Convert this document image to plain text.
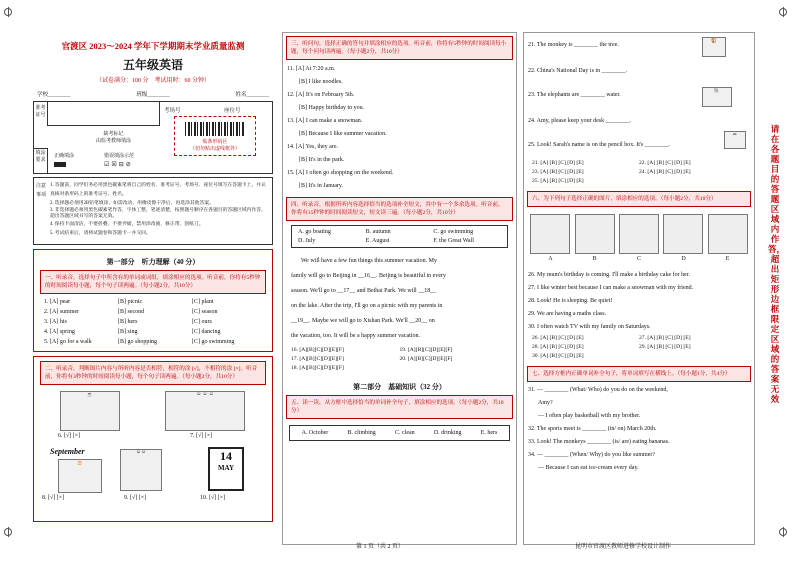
官渡区 2023～2024 学年下学期期末学业质量监测
五年级英语
（试卷满分：100 分　考试用时：60 分钟）
学校________	班级________	姓名________
准考证号
考场号	座位号
缺考标记
由监考教师填涂
填涂要求
正确填涂	错误填涂示范
☑☒⊟⊘
贴条形码区
（切勿贴出虚线框外）
注意事项
1. 答题前，同学们务必用黑色碳素笔将自己的姓名、准考证号、考场号、座位号填写在答题卡上，并认真核对条形码上的准考证号、姓名。
2. 选择题必须用2B铅笔填涂，如需改动，用橡皮擦干净后，再选涂其他答案。
3. 非选择题必须用黑色碳素笔作答，字体工整，笔迹清楚，按照题号顺序在各题目的答题区域内作答，超出答题区域书写的答案无效。
4. 保持卡面清洁，不要折叠、不要弄破，禁用涂改液、修正带、刮纸刀。
5. 考试结束后，请将试题卷和答题卡一并交回。
第一部分　听力理解（40 分）
一、听录音，选择句子中所含有的单词或词组，填涂相应的选项。听音前，你将有5秒钟的时间阅读每小题，每个句子读两遍。（每小题2分，共10分）
1. [A] pear	[B] picnic	[C] plant
2. [A] summer	[B] second	[C] season
3. [A] his	[B] hers	[C] ours
4. [A] spring	[B] sing	[C] dancing
5. [A] go for a walk	[B] go shopping	[C] go swimming
二、听录音，判断图片内容与所听内容是否相符，相符的涂 [√]，不相符的涂 [×]。听音前，你将有3秒钟的时间阅读每小题，每个句子读两遍。（每小题2分，共10分）
☕	☺ ☺ ☺
6. [√] [×]	7. [√] [×]
September
🎂
☺☺	14
MAY
8. [√] [×]	9. [√] [×]	10. [√] [×]
三、听问句，选择正确的答句并填涂相应的选项。听音前，你将有5秒钟的时间阅读每小题，每个问句读两遍。（每小题2分，共10分）
11. [A] At 7:20 a.m.
[B] I like noodles.
12. [A] It's on February 5th.
[B] Happy birthday to you.
13. [A] I can make a snowman.
[B] Because I like summer vacation.
14. [A] Yes, they are.
[B] It's in the park.
15. [A] I often go shopping on the weekend.
[B] It's in January.
四、听录音，根据所听内容选择恰当的选项补全短文，其中有一个多余选项。听音前，你将有15秒钟的时间阅读短文，短文读三遍。（每小题2分，共10分）
A. go boating	B. autumn	C. go swimming
D. July	E. August	F. the Great Wall
We will have a few fun things this summer vacation. My
family will go to Beijing in __16__. Beijing is beautiful in every
season. We'll go to __17__ and Beihai Park. We will __18__
on the lake. After the trip, I'll go on a picnic with my parents in
__19__. Maybe we will go to Xishan Park. We'll __20__ on
the vacation, too. It will be a happy summer vacation.
16. [A][B][C][D][E][F]	19. [A][B][C][D][E][F]
17. [A][B][C][D][E][F]	20. [A][B][C][D][E][F]
18. [A][B][C][D][E][F]
第二部分　基础知识（32 分）
五、读一读，从方框中选择恰当的单词补全句子，填涂相应的选项。（每小题2分，共10分）
A. October	B. climbing	C. clean	D. drinking	E. hers
21. The monkey is ________ the tree.
22. China's National Day is in ________.
23. The elephants are ________ water.
24. Amy, please keep your desk ________.
25. Look! Sarah's name is on the pencil box. It's ________.
🐒
🐘
✏
21. [A] [B] [C] [D] [E]	22. [A] [B] [C] [D] [E]
23. [A] [B] [C] [D] [E]	24. [A] [B] [C] [D] [E]
25. [A] [B] [C] [D] [E]
六、为下列句子选择正确的图片，填涂相应的选项。（每小题2分，共10分）
A	B	C	D	E
26. My mum's birthday is coming. I'll make a birthday cake for her.
27. I like winter best because I can make a snowman with my friend.
28. Look! He is sleeping. Be quiet!
29. We are having a maths class.
30. I often watch TV with my family on Saturdays.
26. [A] [B] [C] [D] [E]	27. [A] [B] [C] [D] [E]
28. [A] [B] [C] [D] [E]	29. [A] [B] [C] [D] [E]
30. [A] [B] [C] [D] [E]
七、选择方框内正确单词补全句子，将单词填写在横线上。（每小题1分，共4分）
31. — ________ (What/ Who) do you do on the weekend,
Amy?
— I often play basketball with my brother.
32. The sports meet is ________ (in/ on) March 20th.
33. Look! The monkeys ________ (is/ are) eating bananas.
34. — ________ (When/ Why) do you like summer?
— Because I can eat ice-cream every day.
请在各题目的答题区域内作答，超出矩形边框限定区域的答案无效
第 1 页（共 2 页）	昆明市官渡区教师进修学校设计制作
